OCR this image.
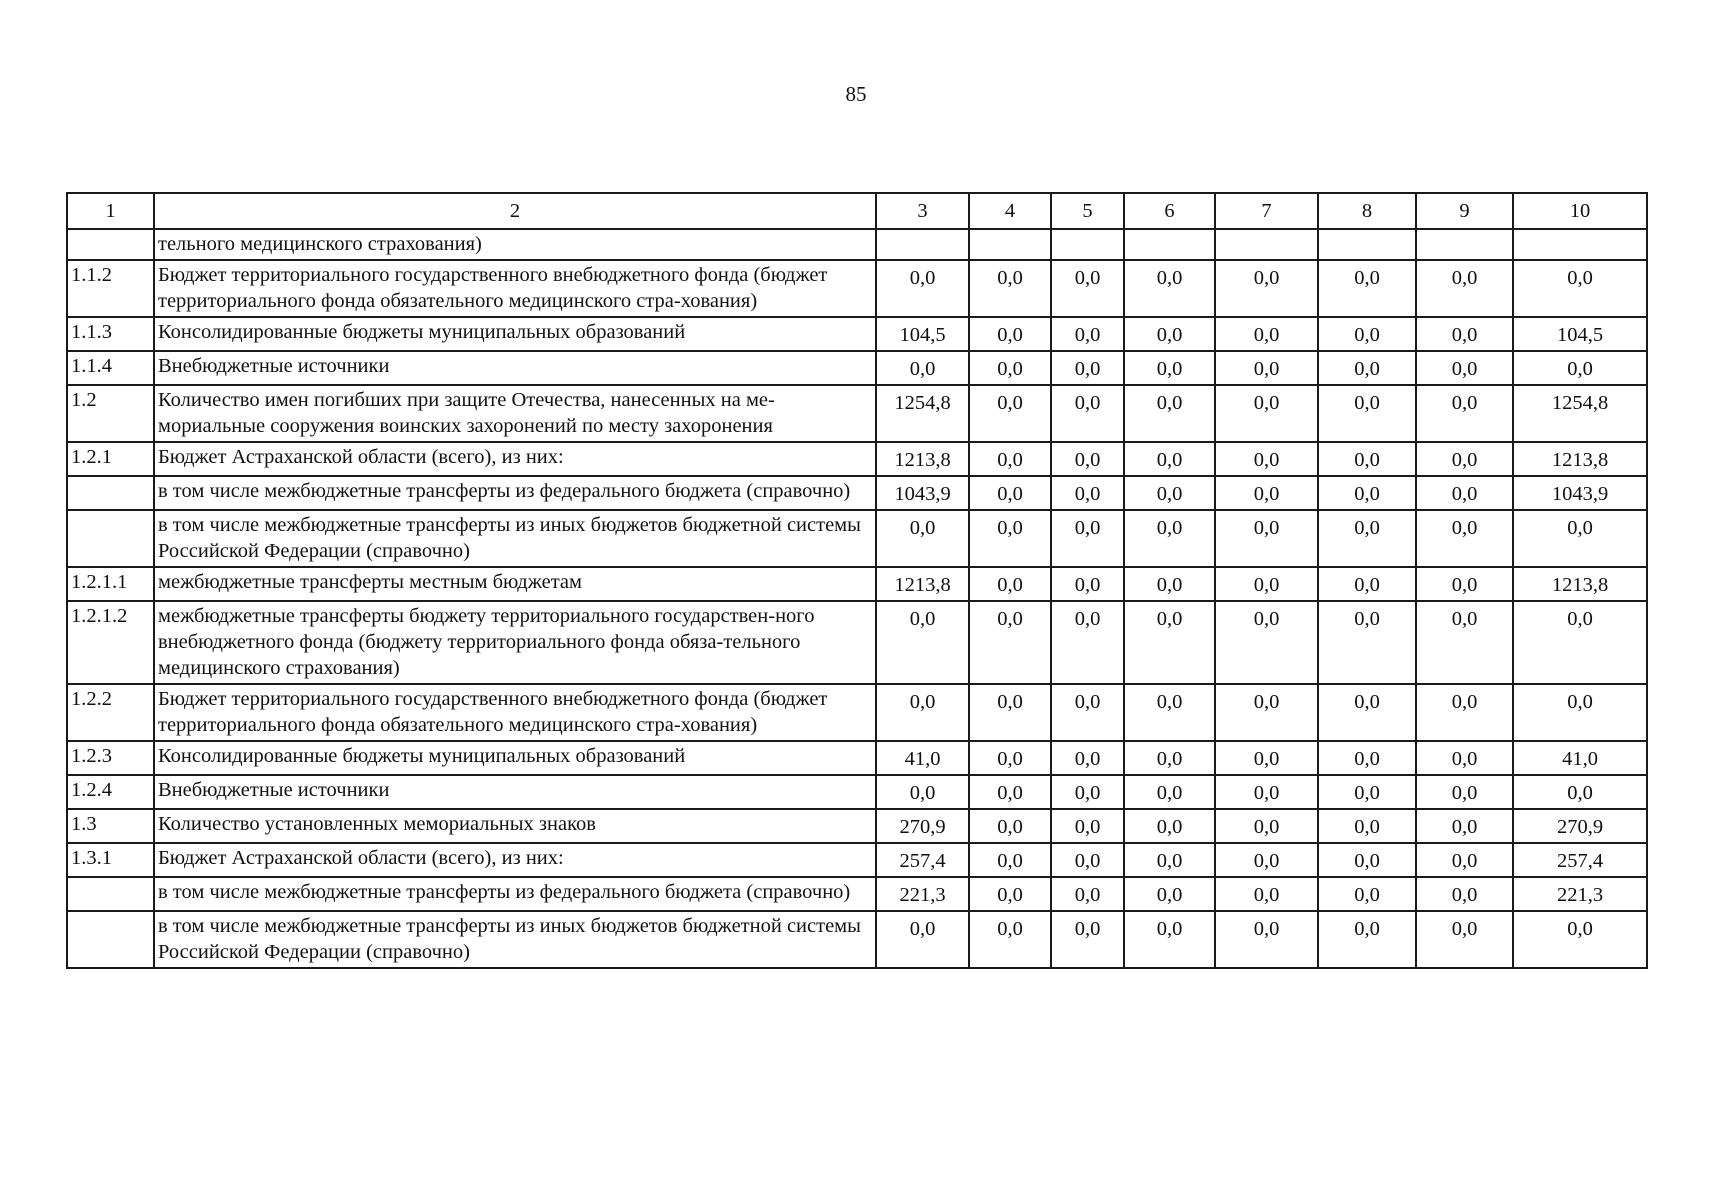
85
1	2	3	4	5	6	7	8	9	10
	тельного медицинского страхования)								
1.1.2	Бюджет территориального государственного внебюджетного фонда (бюджет территориального фонда обязательного медицинского стра-хования)	0,0	0,0	0,0	0,0	0,0	0,0	0,0	0,0
1.1.3	Консолидированные бюджеты муниципальных образований	104,5	0,0	0,0	0,0	0,0	0,0	0,0	104,5
1.1.4	Внебюджетные источники	0,0	0,0	0,0	0,0	0,0	0,0	0,0	0,0
1.2	Количество имен погибших при защите Отечества, нанесенных на ме-мориальные сооружения воинских захоронений по месту захоронения	1254,8	0,0	0,0	0,0	0,0	0,0	0,0	1254,8
1.2.1	Бюджет Астраханской области (всего), из них:	1213,8	0,0	0,0	0,0	0,0	0,0	0,0	1213,8
	в том числе межбюджетные трансферты из федерального бюджета (справочно)	1043,9	0,0	0,0	0,0	0,0	0,0	0,0	1043,9
	в том числе межбюджетные трансферты из иных бюджетов бюджетной системы Российской Федерации (справочно)	0,0	0,0	0,0	0,0	0,0	0,0	0,0	0,0
1.2.1.1	межбюджетные трансферты местным бюджетам	1213,8	0,0	0,0	0,0	0,0	0,0	0,0	1213,8
1.2.1.2	межбюджетные трансферты бюджету территориального государствен-ного внебюджетного фонда (бюджету территориального фонда обяза-тельного медицинского страхования)	0,0	0,0	0,0	0,0	0,0	0,0	0,0	0,0
1.2.2	Бюджет территориального государственного внебюджетного фонда (бюджет территориального фонда обязательного медицинского стра-хования)	0,0	0,0	0,0	0,0	0,0	0,0	0,0	0,0
1.2.3	Консолидированные бюджеты муниципальных образований	41,0	0,0	0,0	0,0	0,0	0,0	0,0	41,0
1.2.4	Внебюджетные источники	0,0	0,0	0,0	0,0	0,0	0,0	0,0	0,0
1.3	Количество установленных мемориальных знаков	270,9	0,0	0,0	0,0	0,0	0,0	0,0	270,9
1.3.1	Бюджет Астраханской области (всего), из них:	257,4	0,0	0,0	0,0	0,0	0,0	0,0	257,4
	в том числе межбюджетные трансферты из федерального бюджета (справочно)	221,3	0,0	0,0	0,0	0,0	0,0	0,0	221,3
	в том числе межбюджетные трансферты из иных бюджетов бюджетной системы Российской Федерации (справочно)	0,0	0,0	0,0	0,0	0,0	0,0	0,0	0,0
